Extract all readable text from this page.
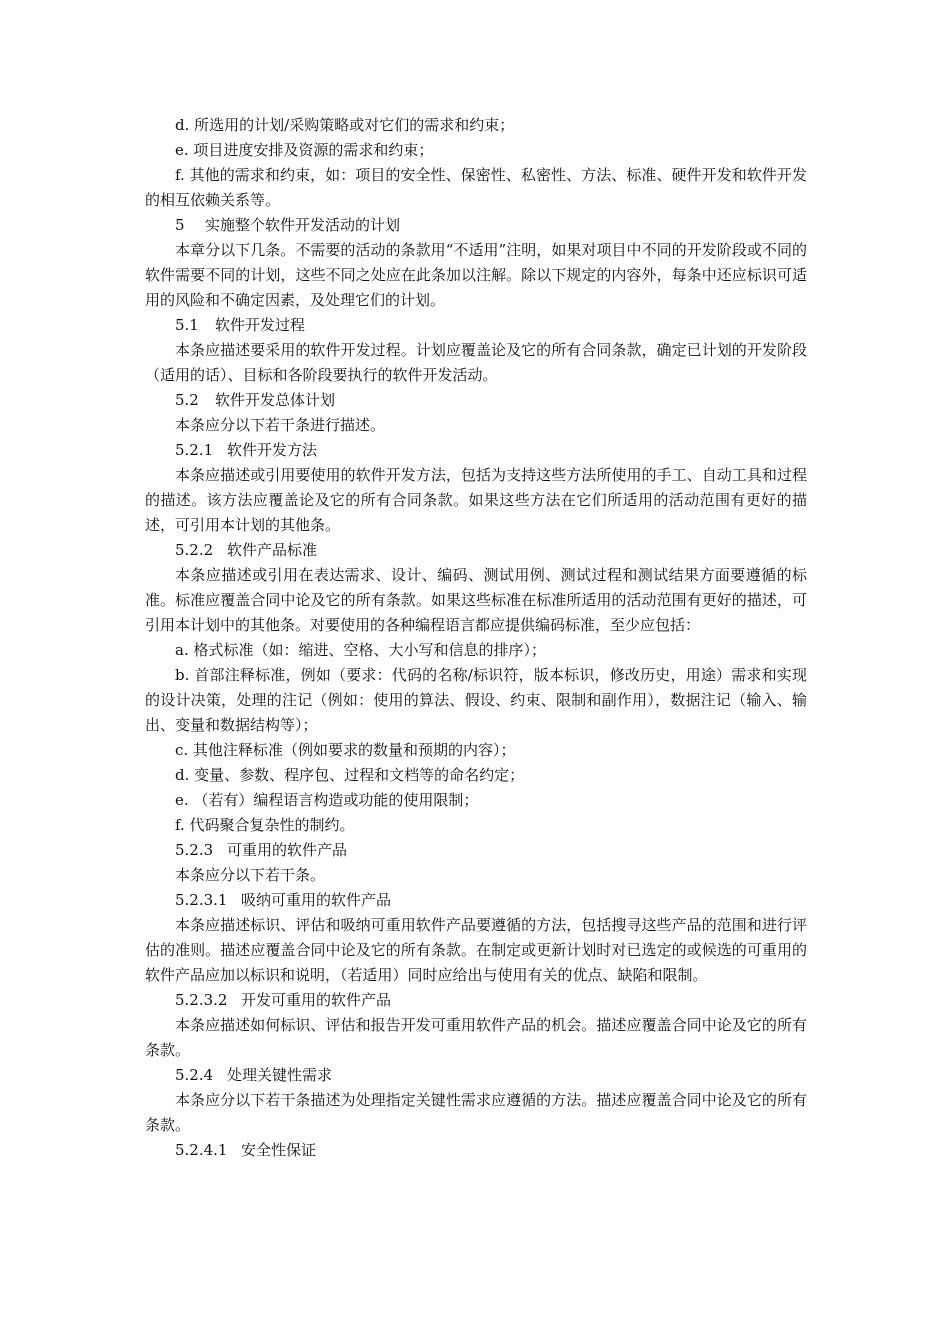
d. 所选用的计划/采购策略或对它们的需求和约束；
e. 项目进度安排及资源的需求和约束；
f. 其他的需求和约束，如：项目的安全性、保密性、私密性、方法、标准、硬件开发和软件开发的相互依赖关系等。
5 实施整个软件开发活动的计划
本章分以下几条。不需要的活动的条款用“不适用”注明，如果对项目中不同的开发阶段或不同的软件需要不同的计划，这些不同之处应在此条加以注解。除以下规定的内容外，每条中还应标识可适用的风险和不确定因素，及处理它们的计划。
5.1 软件开发过程
本条应描述要采用的软件开发过程。计划应覆盖论及它的所有合同条款，确定已计划的开发阶段（适用的话）、目标和各阶段要执行的软件开发活动。
5.2 软件开发总体计划
本条应分以下若干条进行描述。
5.2.1 软件开发方法
本条应描述或引用要使用的软件开发方法，包括为支持这些方法所使用的手工、自动工具和过程的描述。该方法应覆盖论及它的所有合同条款。如果这些方法在它们所适用的活动范围有更好的描述，可引用本计划的其他条。
5.2.2 软件产品标准
本条应描述或引用在表达需求、设计、编码、测试用例、测试过程和测试结果方面要遵循的标准。标准应覆盖合同中论及它的所有条款。如果这些标准在标准所适用的活动范围有更好的描述，可引用本计划中的其他条。对要使用的各种编程语言都应提供编码标准，至少应包括：
a. 格式标准（如：缩进、空格、大小写和信息的排序）；
b. 首部注释标准，例如（要求：代码的名称/标识符，版本标识，修改历史，用途）需求和实现的设计决策，处理的注记（例如：使用的算法、假设、约束、限制和副作用），数据注记（输入、输出、变量和数据结构等）；
c. 其他注释标准（例如要求的数量和预期的内容）；
d. 变量、参数、程序包、过程和文档等的命名约定；
e. （若有）编程语言构造或功能的使用限制；
f. 代码聚合复杂性的制约。
5.2.3 可重用的软件产品
本条应分以下若干条。
5.2.3.1 吸纳可重用的软件产品
本条应描述标识、评估和吸纳可重用软件产品要遵循的方法，包括搜寻这些产品的范围和进行评估的准则。描述应覆盖合同中论及它的所有条款。在制定或更新计划时对已选定的或候选的可重用的软件产品应加以标识和说明，（若适用）同时应给出与使用有关的优点、缺陷和限制。
5.2.3.2 开发可重用的软件产品
本条应描述如何标识、评估和报告开发可重用软件产品的机会。描述应覆盖合同中论及它的所有条款。
5.2.4 处理关键性需求
本条应分以下若干条描述为处理指定关键性需求应遵循的方法。描述应覆盖合同中论及它的所有条款。
5.2.4.1 安全性保证
